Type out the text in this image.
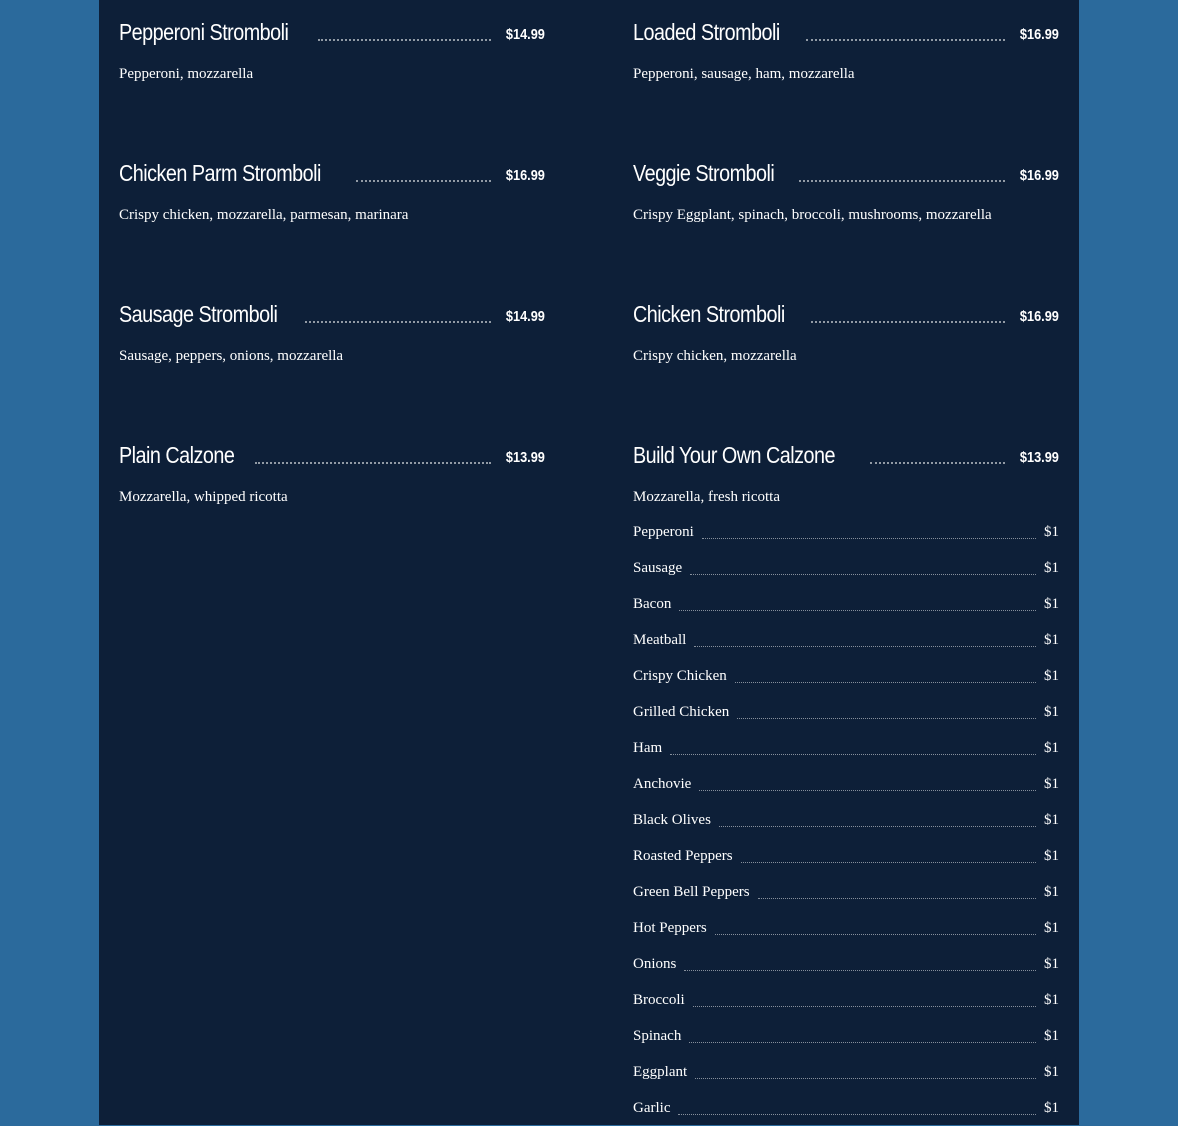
Pepperoni Stromboli	$14.99
Pepperoni, mozzarella
Chicken Parm Stromboli	$16.99
Crispy chicken, mozzarella, parmesan, marinara
Sausage Stromboli	$14.99
Sausage, peppers, onions, mozzarella
Plain Calzone	$13.99
Mozzarella, whipped ricotta
Loaded Stromboli	$16.99
Pepperoni, sausage, ham, mozzarella
Veggie Stromboli	$16.99
Crispy Eggplant, spinach, broccoli, mushrooms, mozzarella
Chicken Stromboli	$16.99
Crispy chicken, mozzarella
Build Your Own Calzone	$13.99
Mozzarella, fresh ricotta
Pepperoni	$1
Sausage	$1
Bacon	$1
Meatball	$1
Crispy Chicken	$1
Grilled Chicken	$1
Ham	$1
Anchovie	$1
Black Olives	$1
Roasted Peppers	$1
Green Bell Peppers	$1
Hot Peppers	$1
Onions	$1
Broccoli	$1
Spinach	$1
Eggplant	$1
Garlic	$1
